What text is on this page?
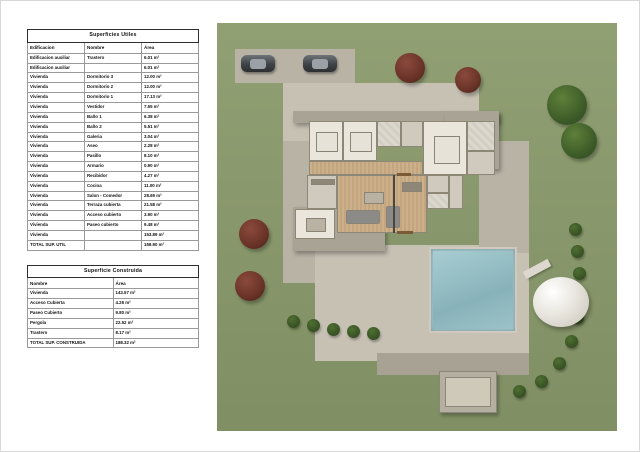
Superficies Utiles		
Edificacion	Nombre	Área
Edificacion auxiliar	Trastero	6.01 m²
Edificacion auxiliar		6.01 m²
Vivienda	Dormitorio 3	12.00 m²
Vivienda	Dormitorio 2	12.00 m²
Vivienda	Dormitorio 1	17.13 m²
Vivienda	Vestidor	7.55 m²
Vivienda	Baño 1	6.38 m²
Vivienda	Baño 2	5.51 m²
Vivienda	Galeria	3.04 m²
Vivienda	Aseo	2.28 m²
Vivienda	Pasillo	8.10 m²
Vivienda	Armario	0.90 m²
Vivienda	Recibidor	4.27 m²
Vivienda	Cocina	11.00 m²
Vivienda	Salon - Comedor	28.69 m²
Vivienda	Terraza cubierta	21.58 m²
Vivienda	Acceso cubierto	3.90 m²
Vivienda	Paseo cubierto	9.48 m²
Vivienda		153.89 m²
TOTAL SUP. UTIL		159.90 m²
Superficie Construida	
Nombre	Área
Vivienda	143.57 m²
Acceso Cubierta	4.26 m²
Paseo Cubierto	9.80 m²
Pergola	22.52 m²
Trastero	8.17 m²
TOTAL SUP. CONSTRUIDA	188.32 m²
